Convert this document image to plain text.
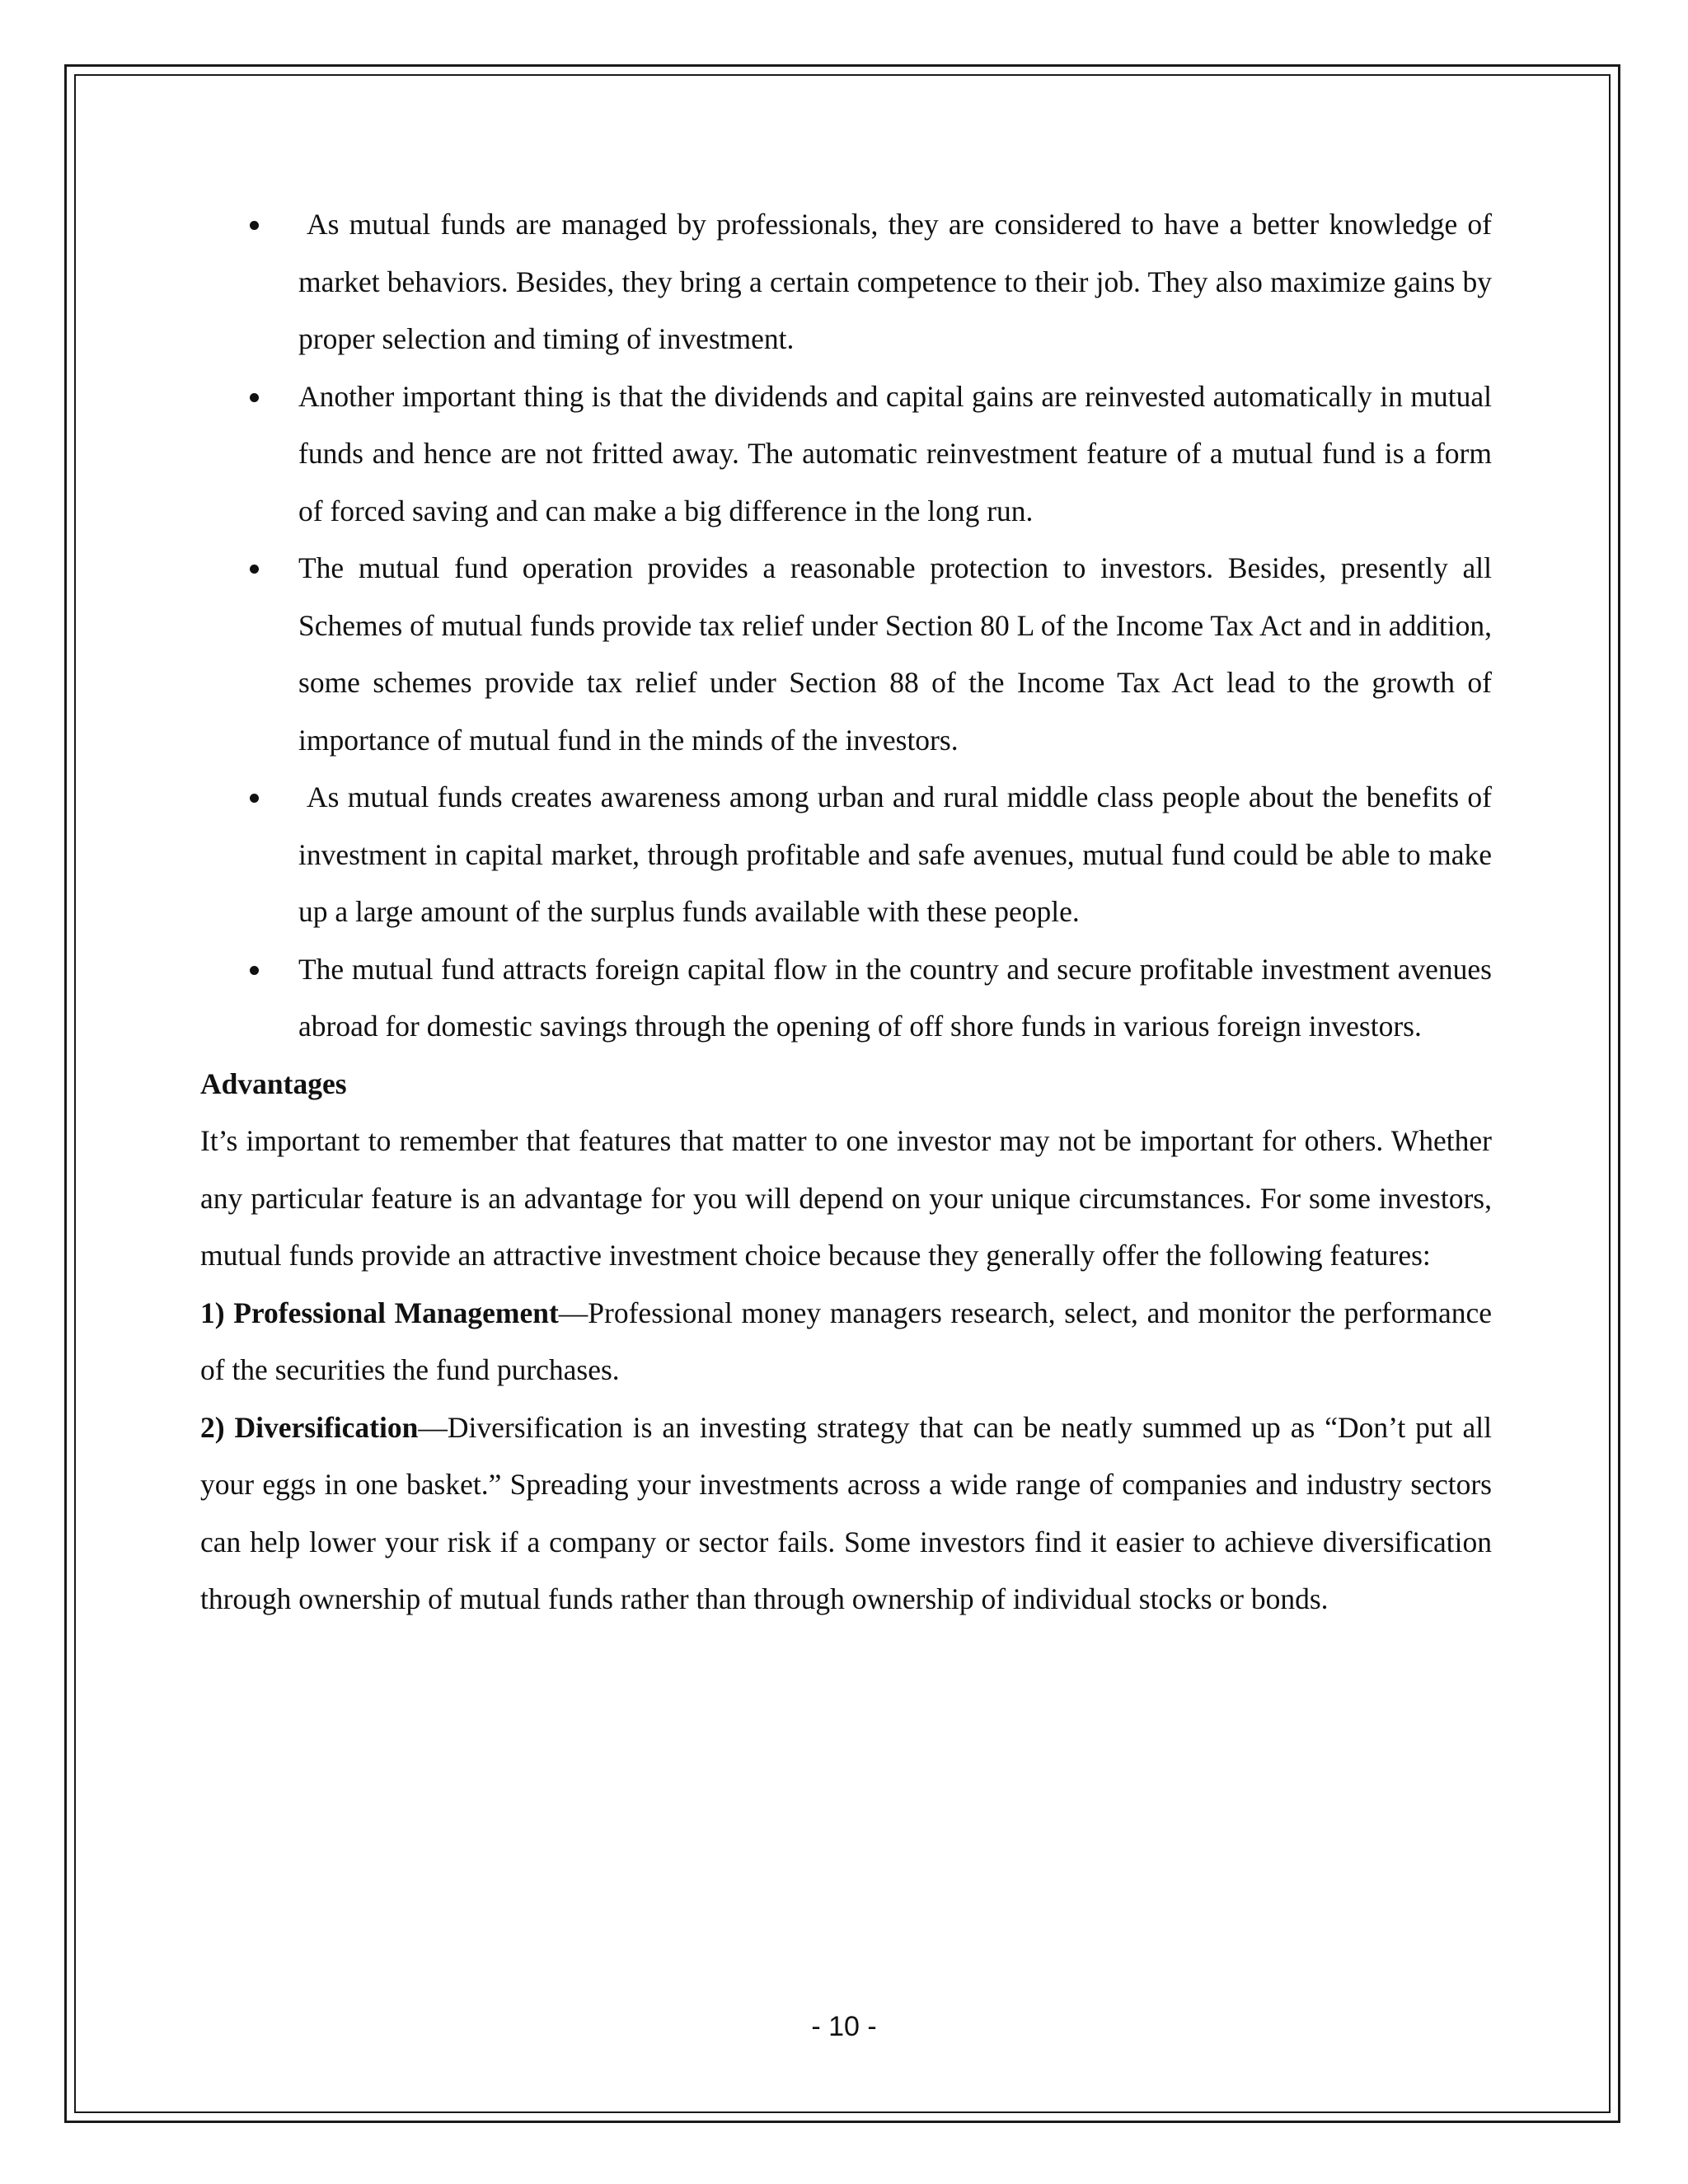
As mutual funds are managed by professionals, they are considered to have a better knowledge of market behaviors. Besides, they bring a certain competence to their job. They also maximize gains by proper selection and timing of investment.
Another important thing is that the dividends and capital gains are reinvested automatically in mutual funds and hence are not fritted away. The automatic reinvestment feature of a mutual fund is a form of forced saving and can make a big difference in the long run.
The mutual fund operation provides a reasonable protection to investors. Besides, presently all Schemes of mutual funds provide tax relief under Section 80 L of the Income Tax Act and in addition, some schemes provide tax relief under Section 88 of the Income Tax Act lead to the growth of importance of mutual fund in the minds of the investors.
As mutual funds creates awareness among urban and rural middle class people about the benefits of investment in capital market, through profitable and safe avenues, mutual fund could be able to make up a large amount of the surplus funds available with these people.
The mutual fund attracts foreign capital flow in the country and secure profitable investment avenues abroad for domestic savings through the opening of off shore funds in various foreign investors.
Advantages

It’s important to remember that features that matter to one investor may not be important for others. Whether any particular feature is an advantage for you will depend on your unique circumstances. For some investors, mutual funds provide an attractive investment choice because they generally offer the following features:

1) Professional Management—Professional money managers research, select, and monitor the performance of the securities the fund purchases.

2) Diversification—Diversification is an investing strategy that can be neatly summed up as “Don’t put all your eggs in one basket.” Spreading your investments across a wide range of companies and industry sectors can help lower your risk if a company or sector fails. Some investors find it easier to achieve diversification through ownership of mutual funds rather than through ownership of individual stocks or bonds.

- 10 -
